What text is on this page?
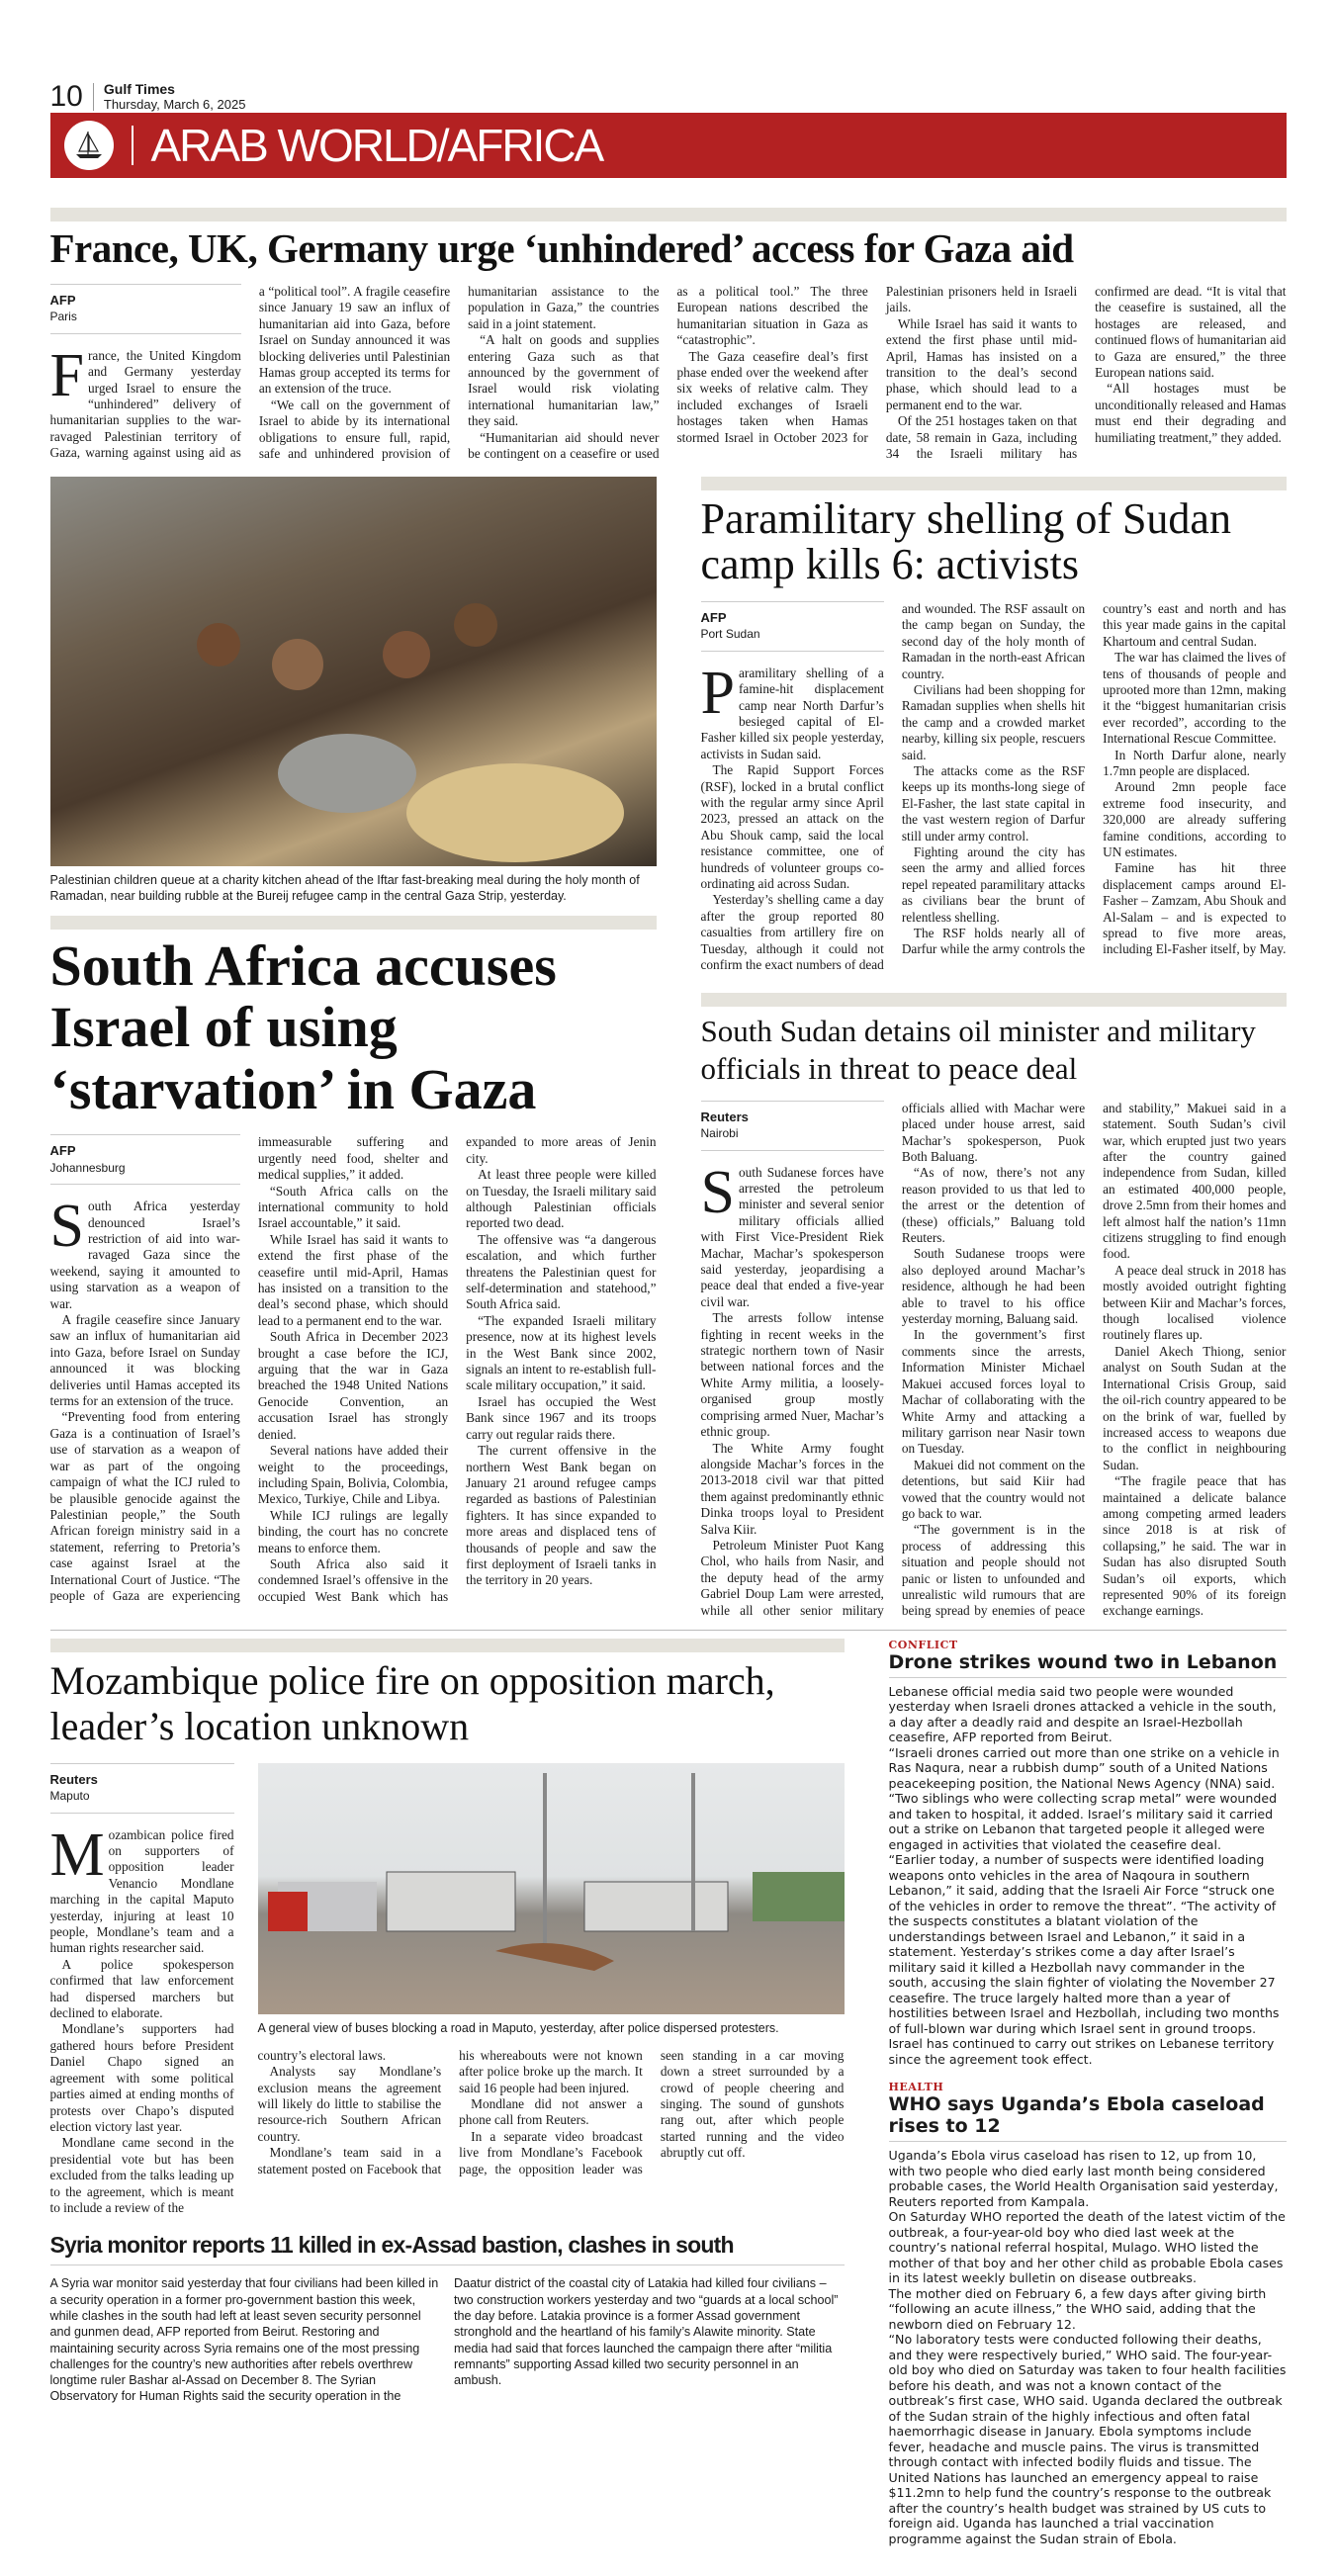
10 Gulf Times
Thursday, March 6, 2025
ARAB WORLD/AFRICA
France, UK, Germany urge ‘unhindered’ access for Gaza aid
AFP
Paris

France, the United Kingdom and Germany yesterday urged Israel to ensure the “unhindered” delivery of humanitarian supplies to the war-ravaged Palestinian territory of Gaza, warning against using aid as a “political tool”. A fragile ceasefire since January 19 saw an influx of humanitarian aid into Gaza, before Israel on Sunday announced it was blocking deliveries until Palestinian Hamas group accepted its terms for an extension of the truce.

“We call on the government of Israel to abide by its international obligations to ensure full, rapid, safe and unhindered provision of humanitarian assistance to the population in Gaza,” the countries said in a joint statement.

“A halt on goods and supplies entering Gaza such as that announced by the government of Israel would risk violating international humanitarian law,” they said.

“Humanitarian aid should never be contingent on a ceasefire or used as a political tool.” The three European nations described the humanitarian situation in Gaza as “catastrophic”.

The Gaza ceasefire deal’s first phase ended over the weekend after six weeks of relative calm. They included exchanges of Israeli hostages taken when Hamas stormed Israel in October 2023 for Palestinian prisoners held in Israeli jails.

While Israel has said it wants to extend the first phase until mid-April, Hamas has insisted on a transition to the deal’s second phase, which should lead to a permanent end to the war.

Of the 251 hostages taken on that date, 58 remain in Gaza, including 34 the Israeli military has confirmed are dead. “It is vital that the ceasefire is sustained, all the hostages are released, and continued flows of humanitarian aid to Gaza are ensured,” the three European nations said.

“All hostages must be unconditionally released and Hamas must end their degrading and humiliating treatment,” they added.

Palestinian children queue at a charity kitchen ahead of the Iftar fast-breaking meal during the holy month of Ramadan, near building rubble at the Bureij refugee camp in the central Gaza Strip, yesterday.
South Africa accuses Israel of using ‘starvation’ in Gaza
AFP
Johannesburg

South Africa yesterday denounced Israel’s restriction of aid into war-ravaged Gaza since the weekend, saying it amounted to using starvation as a weapon of war.

A fragile ceasefire since January saw an influx of humanitarian aid into Gaza, before Israel on Sunday announced it was blocking deliveries until Hamas accepted its terms for an extension of the truce.

“Preventing food from entering Gaza is a continuation of Israel’s use of starvation as a weapon of war as part of the ongoing campaign of what the ICJ ruled to be plausible genocide against the Palestinian people,” the South African foreign ministry said in a statement, referring to Pretoria’s case against Israel at the International Court of Justice. “The people of Gaza are experiencing immeasurable suffering and urgently need food, shelter and medical supplies,” it added.

“South Africa calls on the international community to hold Israel accountable,” it said.

While Israel has said it wants to extend the first phase of the ceasefire until mid-April, Hamas has insisted on a transition to the deal’s second phase, which should lead to a permanent end to the war.

South Africa in December 2023 brought a case before the ICJ, arguing that the war in Gaza breached the 1948 United Nations Genocide Convention, an accusation Israel has strongly denied.

Several nations have added their weight to the proceedings, including Spain, Bolivia, Colombia, Mexico, Turkiye, Chile and Libya.

While ICJ rulings are legally binding, the court has no concrete means to enforce them.

South Africa also said it condemned Israel’s offensive in the occupied West Bank which has expanded to more areas of Jenin city.

At least three people were killed on Tuesday, the Israeli military said although Palestinian officials reported two dead.

The offensive was “a dangerous escalation, and which further threatens the Palestinian quest for self-determination and statehood,” South Africa said.

“The expanded Israeli military presence, now at its highest levels in the West Bank since 2002, signals an intent to re-establish full-scale military occupation,” it said.

Israel has occupied the West Bank since 1967 and its troops carry out regular raids there.

The current offensive in the northern West Bank began on January 21 around refugee camps regarded as bastions of Palestinian fighters. It has since expanded to more areas and displaced tens of thousands of people and saw the first deployment of Israeli tanks in the territory in 20 years.

Paramilitary shelling of Sudan camp kills 6: activists
AFP
Port Sudan

Paramilitary shelling of a famine-hit displacement camp near North Darfur’s besieged capital of El-Fasher killed six people yesterday, activists in Sudan said.

The Rapid Support Forces (RSF), locked in a brutal conflict with the regular army since April 2023, pressed an attack on the Abu Shouk camp, said the local resistance committee, one of hundreds of volunteer groups co-ordinating aid across Sudan.

Yesterday’s shelling came a day after the group reported 80 casualties from artillery fire on Tuesday, although it could not confirm the exact numbers of dead and wounded. The RSF assault on the camp began on Sunday, the second day of the holy month of Ramadan in the north-east African country.

Civilians had been shopping for Ramadan supplies when shells hit the camp and a crowded market nearby, killing six people, rescuers said.

The attacks come as the RSF keeps up its months-long siege of El-Fasher, the last state capital in the vast western region of Darfur still under army control.

Fighting around the city has seen the army and allied forces repel repeated paramilitary attacks as civilians bear the brunt of relentless shelling.

The RSF holds nearly all of Darfur while the army controls the country’s east and north and has this year made gains in the capital Khartoum and central Sudan.

The war has claimed the lives of tens of thousands of people and uprooted more than 12mn, making it the “biggest humanitarian crisis ever recorded”, according to the International Rescue Committee.

In North Darfur alone, nearly 1.7mn people are displaced.

Around 2mn people face extreme food insecurity, and 320,000 are already suffering famine conditions, according to UN estimates.

Famine has hit three displacement camps around El-Fasher – Zamzam, Abu Shouk and Al-Salam – and is expected to spread to five more areas, including El-Fasher itself, by May.

South Sudan detains oil minister and military officials in threat to peace deal
Reuters
Nairobi

South Sudanese forces have arrested the petroleum minister and several senior military officials allied with First Vice-President Riek Machar, Machar’s spokesperson said yesterday, jeopardising a peace deal that ended a five-year civil war.

The arrests follow intense fighting in recent weeks in the strategic northern town of Nasir between national forces and the White Army militia, a loosely-organised group mostly comprising armed Nuer, Machar’s ethnic group.

The White Army fought alongside Machar’s forces in the 2013-2018 civil war that pitted them against predominantly ethnic Dinka troops loyal to President Salva Kiir.

Petroleum Minister Puot Kang Chol, who hails from Nasir, and the deputy head of the army Gabriel Doup Lam were arrested, while all other senior military officials allied with Machar were placed under house arrest, said Machar’s spokesperson, Puok Both Baluang.

“As of now, there’s not any reason provided to us that led to the arrest or the detention of (these) officials,” Baluang told Reuters.

South Sudanese troops were also deployed around Machar’s residence, although he had been able to travel to his office yesterday morning, Baluang said.

In the government’s first comments since the arrests, Information Minister Michael Makuei accused forces loyal to Machar of collaborating with the White Army and attacking a military garrison near Nasir town on Tuesday.

Makuei did not comment on the detentions, but said Kiir had vowed that the country would not go back to war.

“The government is in the process of addressing this situation and people should not panic or listen to unfounded and unrealistic wild rumours that are being spread by enemies of peace and stability,” Makuei said in a statement. South Sudan’s civil war, which erupted just two years after the country gained independence from Sudan, killed an estimated 400,000 people, drove 2.5mn from their homes and left almost half the nation’s 11mn citizens struggling to find enough food.

A peace deal struck in 2018 has mostly avoided outright fighting between Kiir and Machar’s forces, though localised violence routinely flares up.

Daniel Akech Thiong, senior analyst on South Sudan at the International Crisis Group, said the oil-rich country appeared to be on the brink of war, fuelled by increased access to weapons due to the conflict in neighbouring Sudan.

“The fragile peace that has maintained a delicate balance among competing armed leaders since 2018 is at risk of collapsing,” he said. The war in Sudan has also disrupted South Sudan’s oil exports, which represented 90% of its foreign exchange earnings.

Mozambique police fire on opposition march, leader’s location unknown
Reuters
Maputo

Mozambican police fired on supporters of opposition leader Venancio Mondlane marching in the capital Maputo yesterday, injuring at least 10 people, Mondlane’s team and a human rights researcher said.

A police spokesperson confirmed that law enforcement had dispersed marchers but declined to elaborate.

Mondlane’s supporters had gathered hours before President Daniel Chapo signed an agreement with some political parties aimed at ending months of protests over Chapo’s disputed election victory last year.

Mondlane came second in the presidential vote but has been excluded from the talks leading up to the agreement, which is meant to include a review of the

A general view of buses blocking a road in Maputo, yesterday, after police dispersed protesters.

country’s electoral laws.

Analysts say Mondlane’s exclusion means the agreement will likely do little to stabilise the resource-rich Southern African country.

Mondlane’s team said in a statement posted on Facebook that his whereabouts were not known after police broke up the march. It said 16 people had been injured.

Mondlane did not answer a phone call from Reuters.

In a separate video broadcast live from Mondlane’s Facebook page, the opposition leader was seen standing in a car moving down a street surrounded by a crowd of people cheering and singing. The sound of gunshots rang out, after which people started running and the video abruptly cut off.

Syria monitor reports 11 killed in ex-Assad bastion, clashes in south

A Syria war monitor said yesterday that four civilians had been killed in a security operation in a former pro-government bastion this week, while clashes in the south had left at least seven security personnel and gunmen dead, AFP reported from Beirut. Restoring and maintaining security across Syria remains one of the most pressing challenges for the country’s new authorities after rebels overthrew longtime ruler Bashar al-Assad on December 8. The Syrian Observatory for Human Rights said the security operation in the Daatur district of the coastal city of Latakia had killed four civilians – two construction workers yesterday and two “guards at a local school” the day before. Latakia province is a former Assad government stronghold and the heartland of his family’s Alawite minority. State media had said that forces launched the campaign there after “militia remnants” supporting Assad killed two security personnel in an ambush.

CONFLICT
Drone strikes wound two in Lebanon

Lebanese official media said two people were wounded yesterday when Israeli drones attacked a vehicle in the south, a day after a deadly raid and despite an Israel-Hezbollah ceasefire, AFP reported from Beirut.

“Israeli drones carried out more than one strike on a vehicle in Ras Naqura, near a rubbish dump” south of a United Nations peacekeeping position, the National News Agency (NNA) said. “Two siblings who were collecting scrap metal” were wounded and taken to hospital, it added. Israel’s military said it carried out a strike on Lebanon that targeted people it alleged were engaged in activities that violated the ceasefire deal.

“Earlier today, a number of suspects were identified loading weapons onto vehicles in the area of Naqoura in southern Lebanon,” it said, adding that the Israeli Air Force “struck one of the vehicles in order to remove the threat”. “The activity of the suspects constitutes a blatant violation of the understandings between Israel and Lebanon,” it said in a statement. Yesterday’s strikes come a day after Israel’s military said it killed a Hezbollah navy commander in the south, accusing the slain fighter of violating the November 27 ceasefire. The truce largely halted more than a year of hostilities between Israel and Hezbollah, including two months of full-blown war during which Israel sent in ground troops. Israel has continued to carry out strikes on Lebanese territory since the agreement took effect.

HEALTH
WHO says Uganda’s Ebola caseload rises to 12

Uganda’s Ebola virus caseload has risen to 12, up from 10, with two people who died early last month being considered probable cases, the World Health Organisation said yesterday, Reuters reported from Kampala.

On Saturday WHO reported the death of the latest victim of the outbreak, a four-year-old boy who died last week at the country’s national referral hospital, Mulago. WHO listed the mother of that boy and her other child as probable Ebola cases in its latest weekly bulletin on disease outbreaks.

The mother died on February 6, a few days after giving birth “following an acute illness,” the WHO said, adding that the newborn died on February 12.

“No laboratory tests were conducted following their deaths, and they were respectively buried,” WHO said. The four-year-old boy who died on Saturday was taken to four health facilities before his death, and was not a known contact of the outbreak’s first case, WHO said. Uganda declared the outbreak of the Sudan strain of the highly infectious and often fatal haemorrhagic disease in January. Ebola symptoms include fever, headache and muscle pains. The virus is transmitted through contact with infected bodily fluids and tissue. The United Nations has launched an emergency appeal to raise $11.2mn to help fund the country’s response to the outbreak after the country’s health budget was strained by US cuts to foreign aid. Uganda has launched a trial vaccination programme against the Sudan strain of Ebola.
